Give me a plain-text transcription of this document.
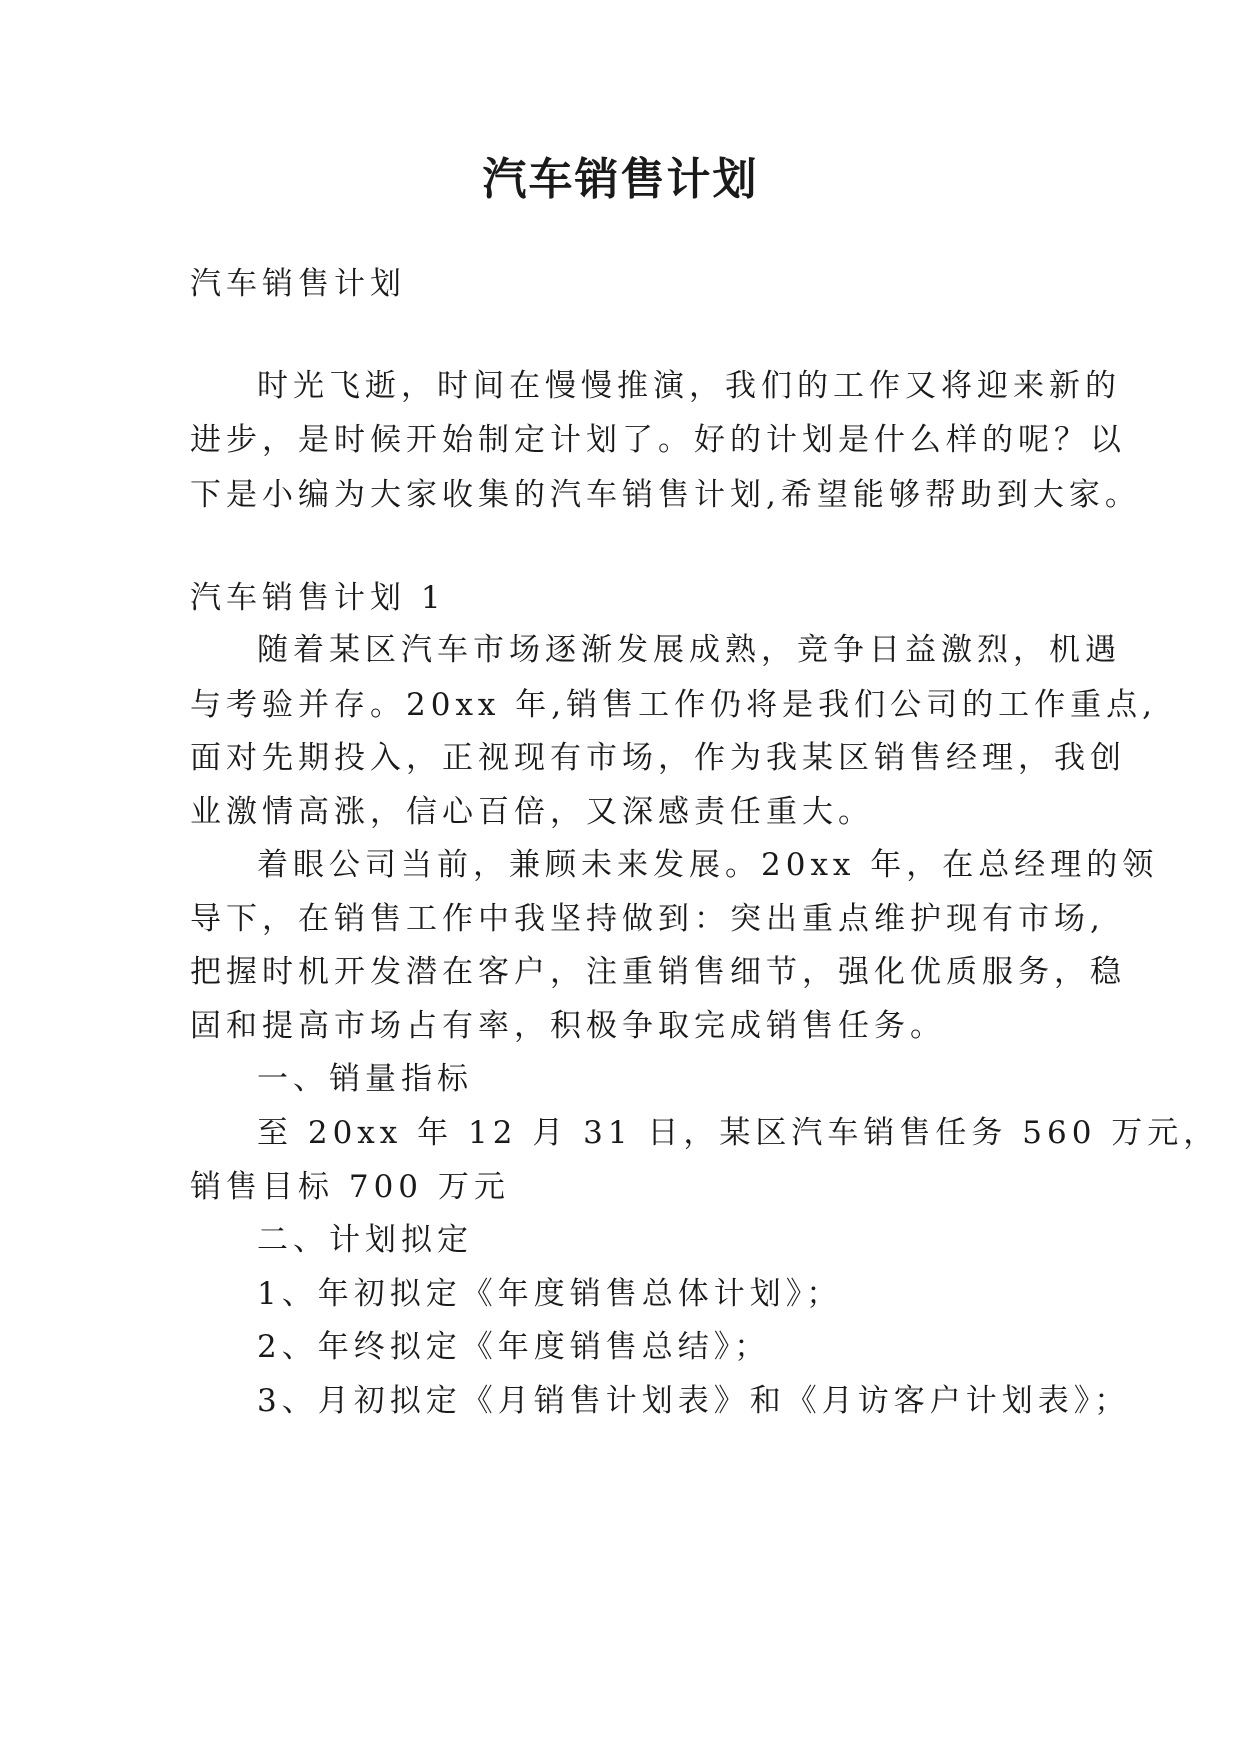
汽车销售计划
汽车销售计划
时光飞逝，时间在慢慢推演，我们的工作又将迎来新的
进步，是时候开始制定计划了。好的计划是什么样的呢？以
下是小编为大家收集的汽车销售计划,希望能够帮助到大家。
汽车销售计划 1
随着某区汽车市场逐渐发展成熟，竞争日益激烈，机遇
与考验并存。20xx 年,销售工作仍将是我们公司的工作重点,
面对先期投入，正视现有市场，作为我某区销售经理，我创
业激情高涨，信心百倍，又深感责任重大。
着眼公司当前，兼顾未来发展。20xx 年，在总经理的领
导下，在销售工作中我坚持做到：突出重点维护现有市场,
把握时机开发潜在客户，注重销售细节，强化优质服务，稳
固和提高市场占有率，积极争取完成销售任务。
一、销量指标
至 20xx 年 12 月 31 日，某区汽车销售任务 560 万元，
销售目标 700 万元
二、计划拟定
1、年初拟定《年度销售总体计划》；
2、年终拟定《年度销售总结》；
3、月初拟定《月销售计划表》和《月访客户计划表》；
